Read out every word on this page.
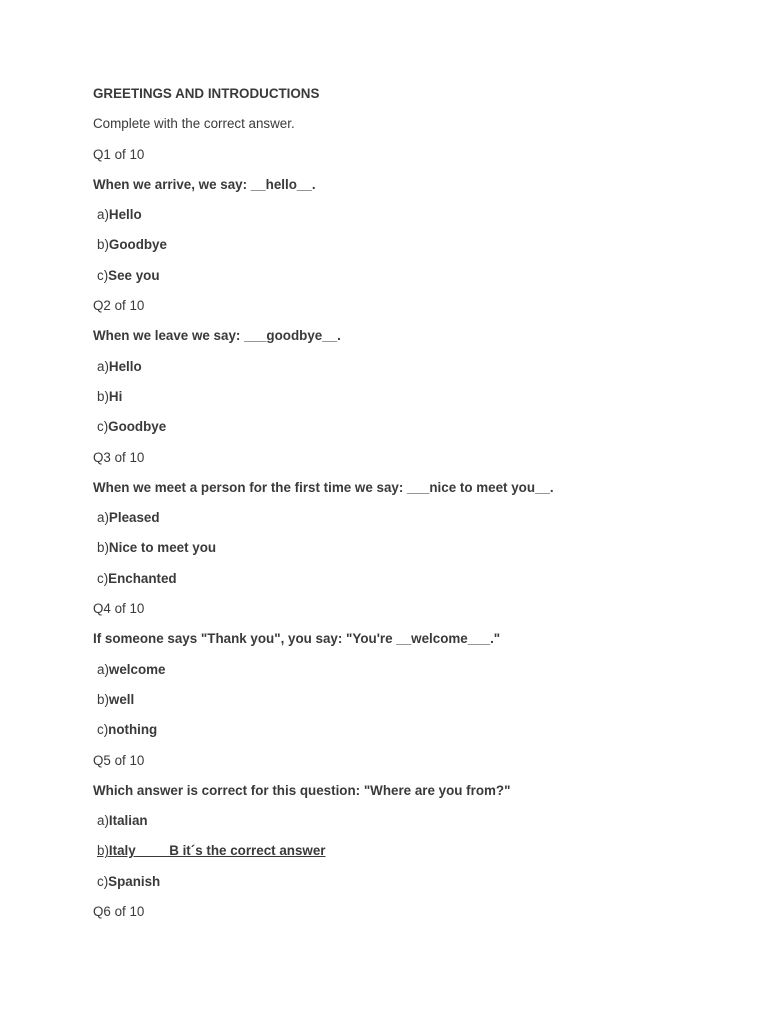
GREETINGS AND INTRODUCTIONS
Complete with the correct answer.
Q1 of 10
When we arrive, we say: __hello__.
a)Hello
b)Goodbye
c)See you
Q2 of 10
When we leave we say: ___goodbye__.
a)Hello
b)Hi
c)Goodbye
Q3 of 10
When we meet a person for the first time we say: ___nice to meet you__.
a)Pleased
b)Nice to meet you
c)Enchanted
Q4 of 10
If someone says "Thank you", you say: "You're __welcome___."
a)welcome
b)well
c)nothing
Q5 of 10
Which answer is correct for this question: "Where are you from?"
a)Italian
b)Italy         B it´s the correct answer
c)Spanish
Q6 of 10
